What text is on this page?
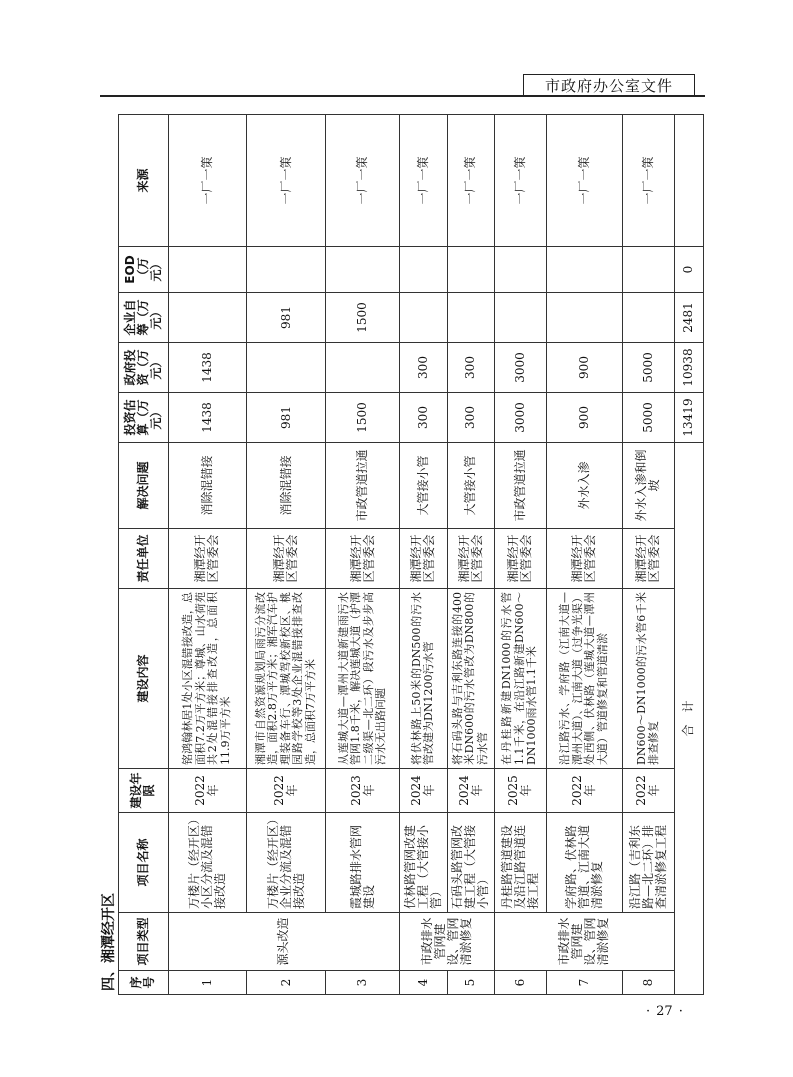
市政府办公室文件
四、湘潭经开区 序号	项目类型	项目名称	建设年限	建设内容	责任单位	解决问题	投资估算（万元）	政府投资（万元）	企业自筹（万元）	EOD（万元）	来源
1	源头改造	万楼片（经开区）小区分流及混错接改造	2022年	铭鸿翰林居1处小区混错接改造，总面积7.2万平方米；尊城、山水荷苑共2处混错接排查改造，总面积11.9万平方米	湘潭经开区管委会	消除混错接	1438	1438			一厂一策
2		万楼片（经开区）企业分流及混错接改造	2022年	湘潭市自然资源规划局雨污分流改造，面积2.8万平方米；湘军汽车护理装备车行、潭城驾校新校区、桃园路学校等3处企业混错接排查改造，总面积7万平方米	湘潭经开区管委会	消除混错接	981		981		一厂一策
3		霞城路排水管网建设	2023年	从莲城大道—潭州大道新建雨污水管网1.8千米，解决莲城大道（护潭二级渠—北二环）段污水及步步高污水无出路问题	湘潭经开区管委会	市政管道拉通	1500		1500		一厂一策
4	市政排水管网建设、管网清淤修复	伏林路管网改建工程（大管接小管）	2024年	将伏林路上50米的DN500的污水管改建为DN1200污水管	湘潭经开区管委会	大管接小管	300	300			一厂一策
5		石码头路管网改建工程（大管接小管）	2024年	将石码头路与吉利东路连接的400米DN600的污水管改为DN800的污水管	湘潭经开区管委会	大管接小管	300	300			一厂一策
6	市政排水管网建设、管网清淤修复	丹桂路管道建设及沿江路管道连接工程	2025年	在丹桂路新建DN1000的污水管1.1千米，在沿江路新建DN600～DN1000雨水管1.1千米	湘潭经开区管委会	市政管道拉通	3000	3000			一厂一策
7		学府路、伏林路管道、江南大道清淤修复	2022年	沿江路污水、学府路（江南大道—潭州大道）、江南大道（过争光渠）处西侧、伏林路（莲城大道—潭州大道）管道修复和管道清淤	湘潭经开区管委会	外水入渗	900	900			一厂一策
8		沿江路（吉利东路—北二环）排查清淤修复工程	2022年	DN600～DN1000的污水管6千米排查修复	湘潭经开区管委会	外水入渗和倒坡	5000	5000			一厂一策
合　计							13419	10938	2481	0	
· 27 ·
